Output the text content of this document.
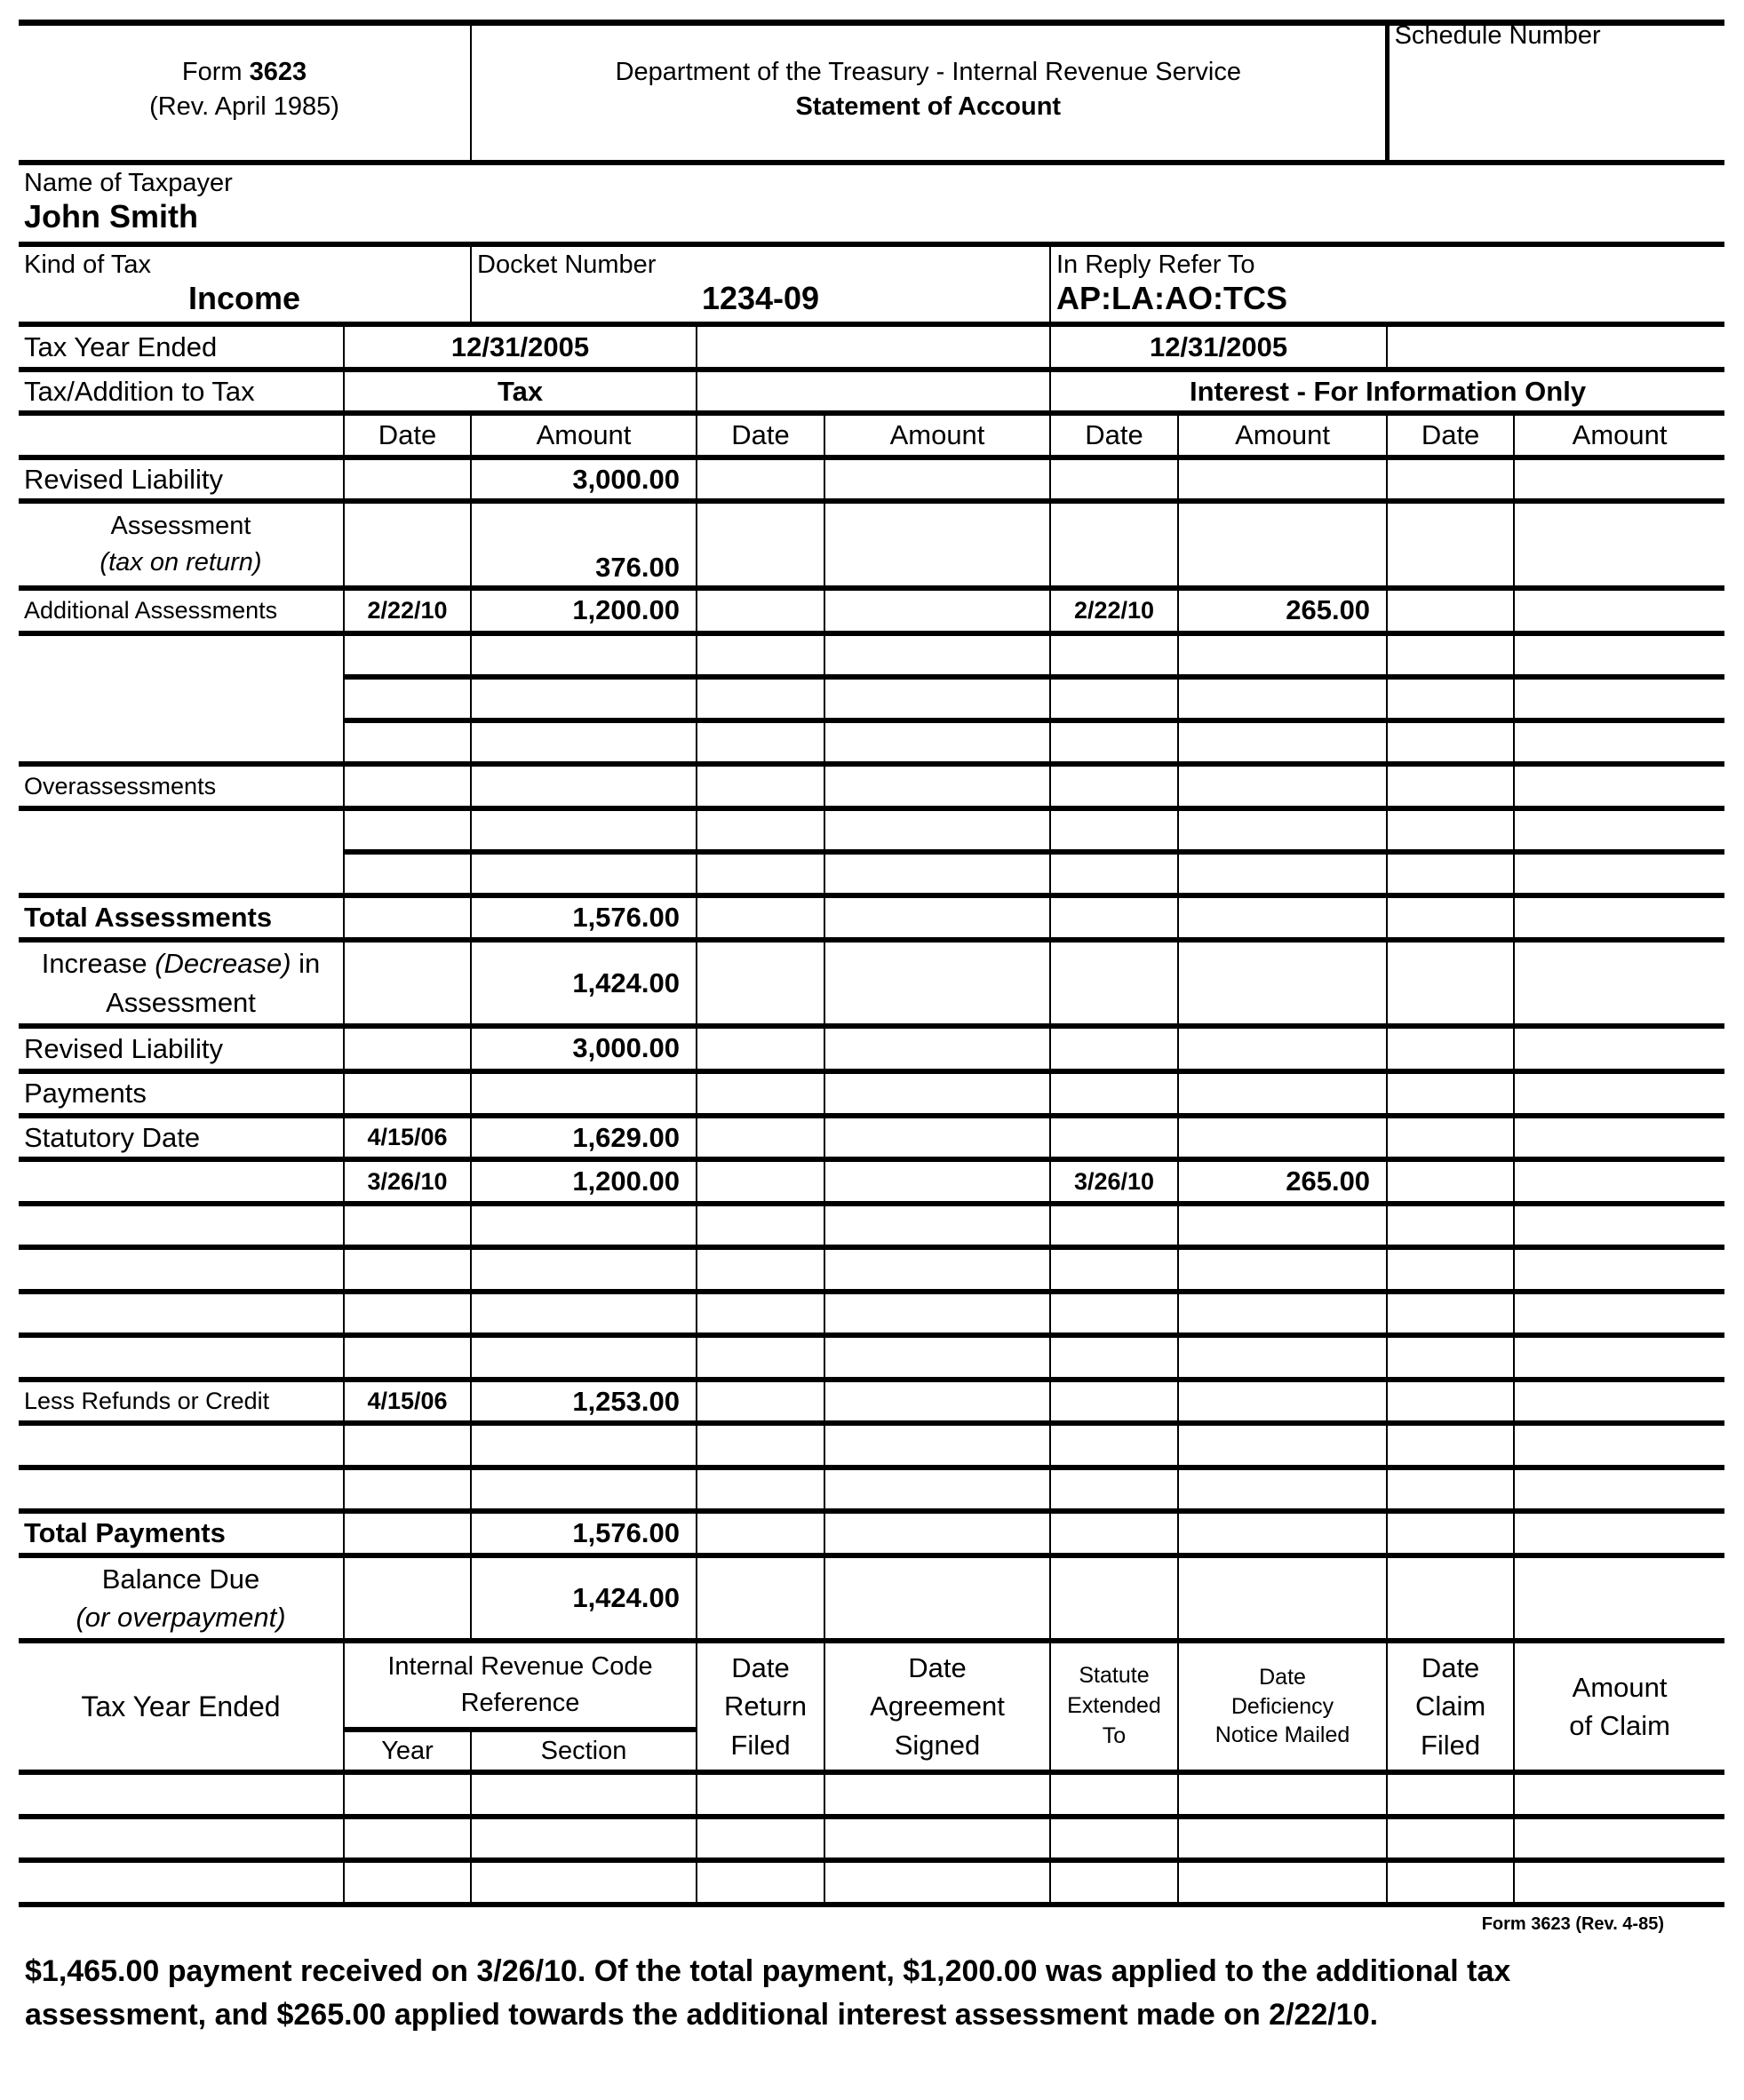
Form 3623
(Rev. April 1985)		Department of the Treasury - Internal Revenue Service
Statement of Account					Schedule Number	

Name of Taxpayer
John Smith								

Kind of Tax
Income

Docket Number
1234-09

In Reply Refer To
AP:LA:AO:TCS

Tax Year Ended	12/31/2005				12/31/2005			
Tax/Addition to Tax	Tax				Interest - For Information Only			
	Date	Amount	Date	Amount	Date	Amount	Date	Amount
Revised Liability		3,000.00						
Assessment
(tax on return)		376.00						
Additional Assessments	2/22/10	1,200.00			2/22/10	265.00		

Overassessments								

Total Assessments		1,576.00						
Increase (Decrease) in
Assessment		1,424.00						
Revised Liability		3,000.00						
Payments								
Statutory Date	4/15/06	1,629.00						
	3/26/10	1,200.00			3/26/10	265.00		

Less Refunds or Credit	4/15/06	1,253.00						

Total Payments		1,576.00						
Balance Due
(or overpayment)		1,424.00						
Tax Year Ended	Internal Revenue Code Reference		Date Return Filed	Date Agreement Signed	Statute Extended To	Date Deficiency Notice Mailed	Date Claim Filed	Amount of Claim
	Year	Section						

Form 3623 (Rev. 4-85)
$1,465.00 payment received on 3/26/10. Of the total payment, $1,200.00 was applied to the additional tax assessment, and $265.00 applied towards the additional interest assessment made on 2/22/10.
